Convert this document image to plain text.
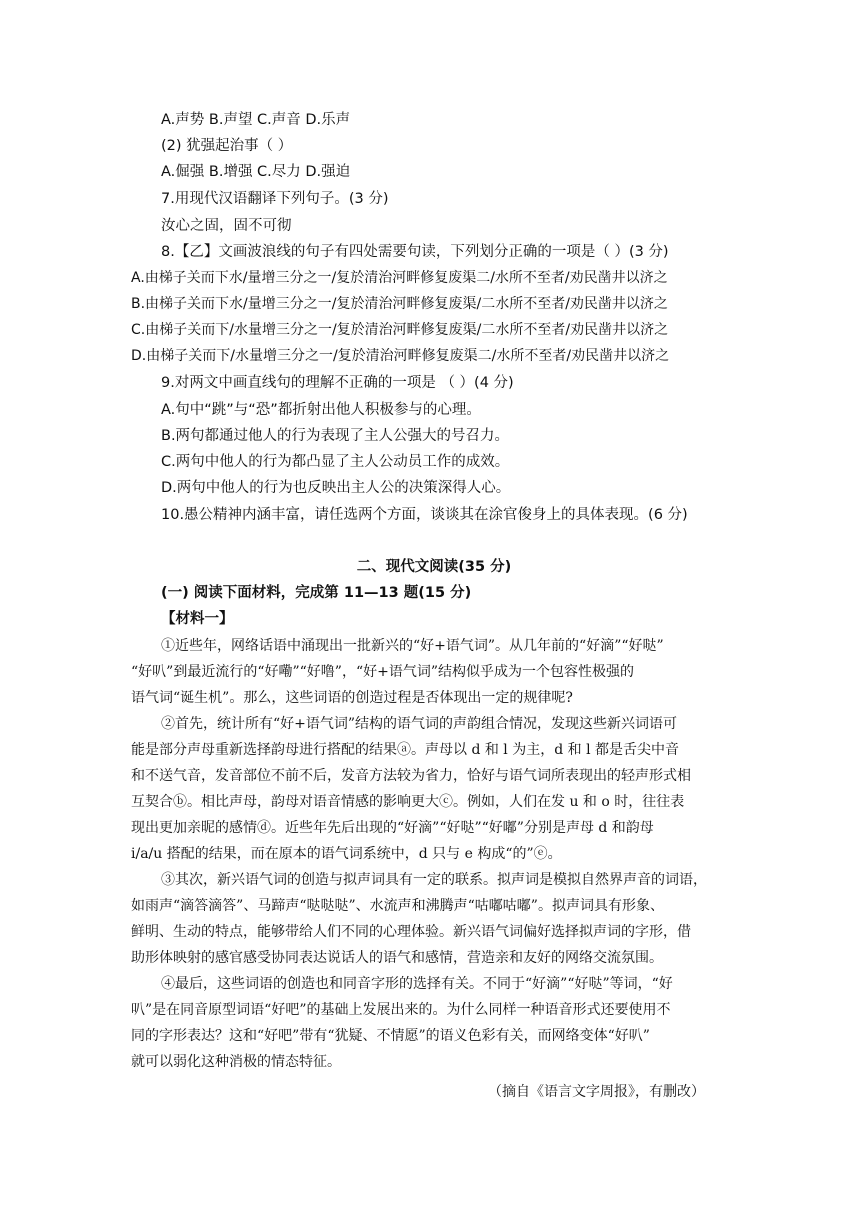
A.声势 B.声望 C.声音 D.乐声
(2) 犹强起治事（ ）
A.倔强 B.增强 C.尽力 D.强迫
7.用现代汉语翻译下列句子。(3 分)
汝心之固，固不可彻
8.【乙】文画波浪线的句子有四处需要句读，下列划分正确的一项是（ ）(3 分)
A.由梯子关而下水/量增三分之一/复於清治河畔修复废渠二/水所不至者/劝民凿井以济之
B.由梯子关而下水/量增三分之一/复於清治河畔修复废渠/二水所不至者/劝民凿井以济之
C.由梯子关而下/水量增三分之一/复於清治河畔修复废渠/二水所不至者/劝民凿井以济之
D.由梯子关而下/水量增三分之一/复於清治河畔修复废渠二/水所不至者/劝民凿井以济之
9.对两文中画直线句的理解不正确的一项是 （ ）(4 分)
A.句中“跳”与“恐”都折射出他人积极参与的心理。
B.两句都通过他人的行为表现了主人公强大的号召力。
C.两句中他人的行为都凸显了主人公动员工作的成效。
D.两句中他人的行为也反映出主人公的决策深得人心。
10.愚公精神内涵丰富，请任选两个方面，谈谈其在涂官俊身上的具体表现。(6 分)
二、现代文阅读(35 分)
(一) 阅读下面材料，完成第 11—13 题(15 分)
【材料一】
①近些年，网络话语中涌现出一批新兴的“好+语气词”。从几年前的“好滴”“好哒”
“好叭”到最近流行的“好嘞”“好噜”，“好+语气词”结构似乎成为一个包容性极强的
语气词“诞生机”。那么，这些词语的创造过程是否体现出一定的规律呢?
②首先，统计所有“好+语气词”结构的语气词的声韵组合情况，发现这些新兴词语可
能是部分声母重新选择韵母进行搭配的结果ⓐ。声母以 d 和 l 为主，d 和 l 都是舌尖中音
和不送气音，发音部位不前不后，发音方法较为省力，恰好与语气词所表现出的轻声形式相
互契合ⓑ。相比声母，韵母对语音情感的影响更大ⓒ。例如，人们在发 u 和 o 时，往往表
现出更加亲昵的感情ⓓ。近些年先后出现的“好滴”“好哒”“好嘟”分别是声母 d 和韵母
i/a/u 搭配的结果，而在原本的语气词系统中，d 只与 e 构成“的”ⓔ。
③其次，新兴语气词的创造与拟声词具有一定的联系。拟声词是模拟自然界声音的词语，
如雨声“滴答滴答”、马蹄声“哒哒哒”、水流声和沸腾声“咕嘟咕嘟”。拟声词具有形象、
鲜明、生动的特点，能够带给人们不同的心理体验。新兴语气词偏好选择拟声词的字形，借
助形体映射的感官感受协同表达说话人的语气和感情，营造亲和友好的网络交流氛围。
④最后，这些词语的创造也和同音字形的选择有关。不同于“好滴”“好哒”等词，“好
叭”是在同音原型词语“好吧”的基础上发展出来的。为什么同样一种语音形式还要使用不
同的字形表达？这和“好吧”带有“犹疑、不情愿”的语义色彩有关，而网络变体“好叭”
就可以弱化这种消极的情态特征。
（摘自《语言文字周报》，有删改）
